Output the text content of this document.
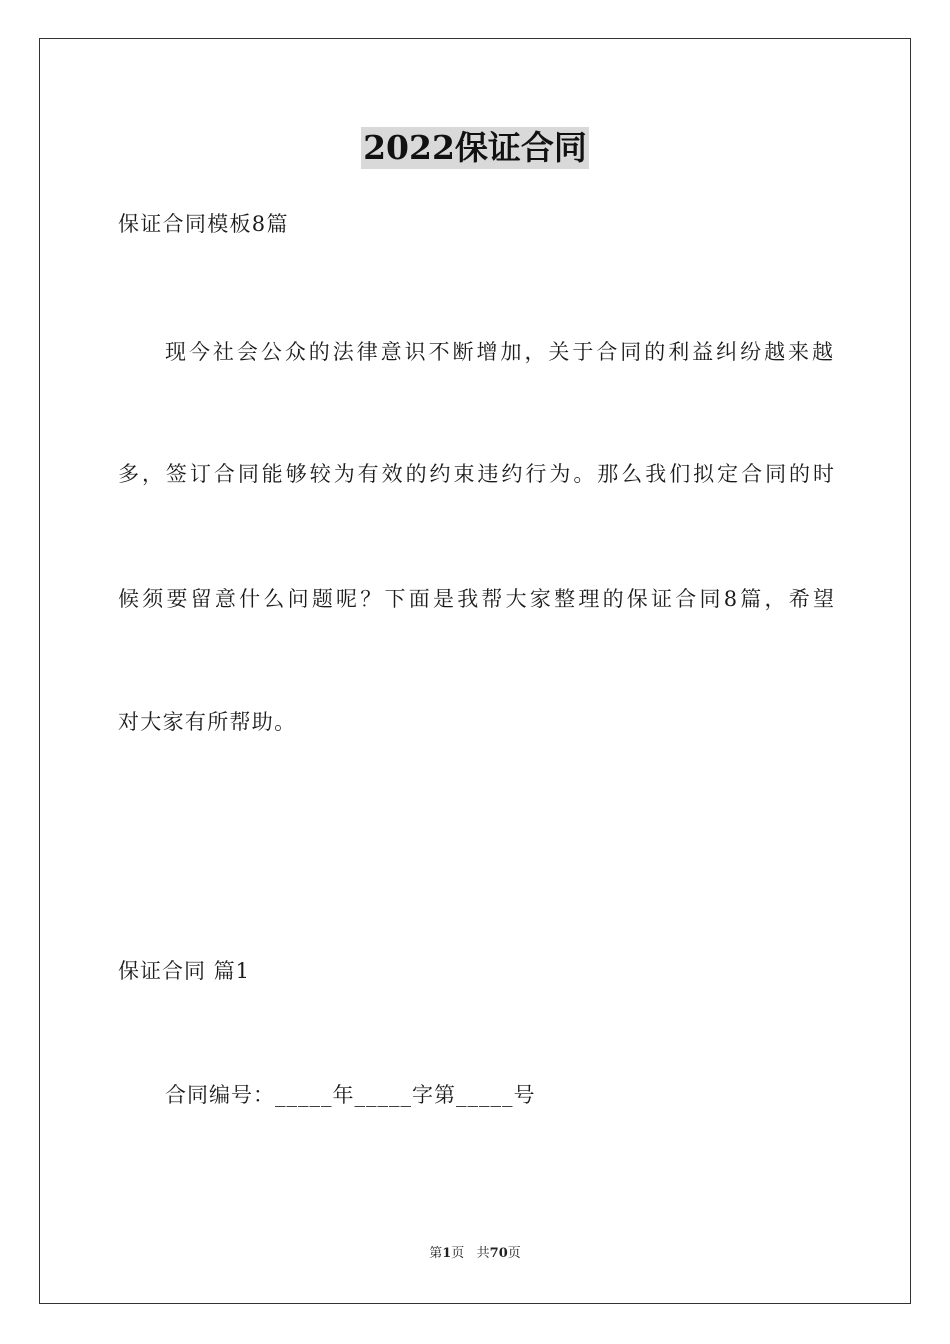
2022保证合同
保证合同模板8篇
现今社会公众的法律意识不断增加，关于合同的利益纠纷越来越
多，签订合同能够较为有效的约束违约行为。那么我们拟定合同的时
候须要留意什么问题呢？下面是我帮大家整理的保证合同8篇，希望
对大家有所帮助。
保证合同 篇1
合同编号：_____年_____字第_____号
第1页   共70页
